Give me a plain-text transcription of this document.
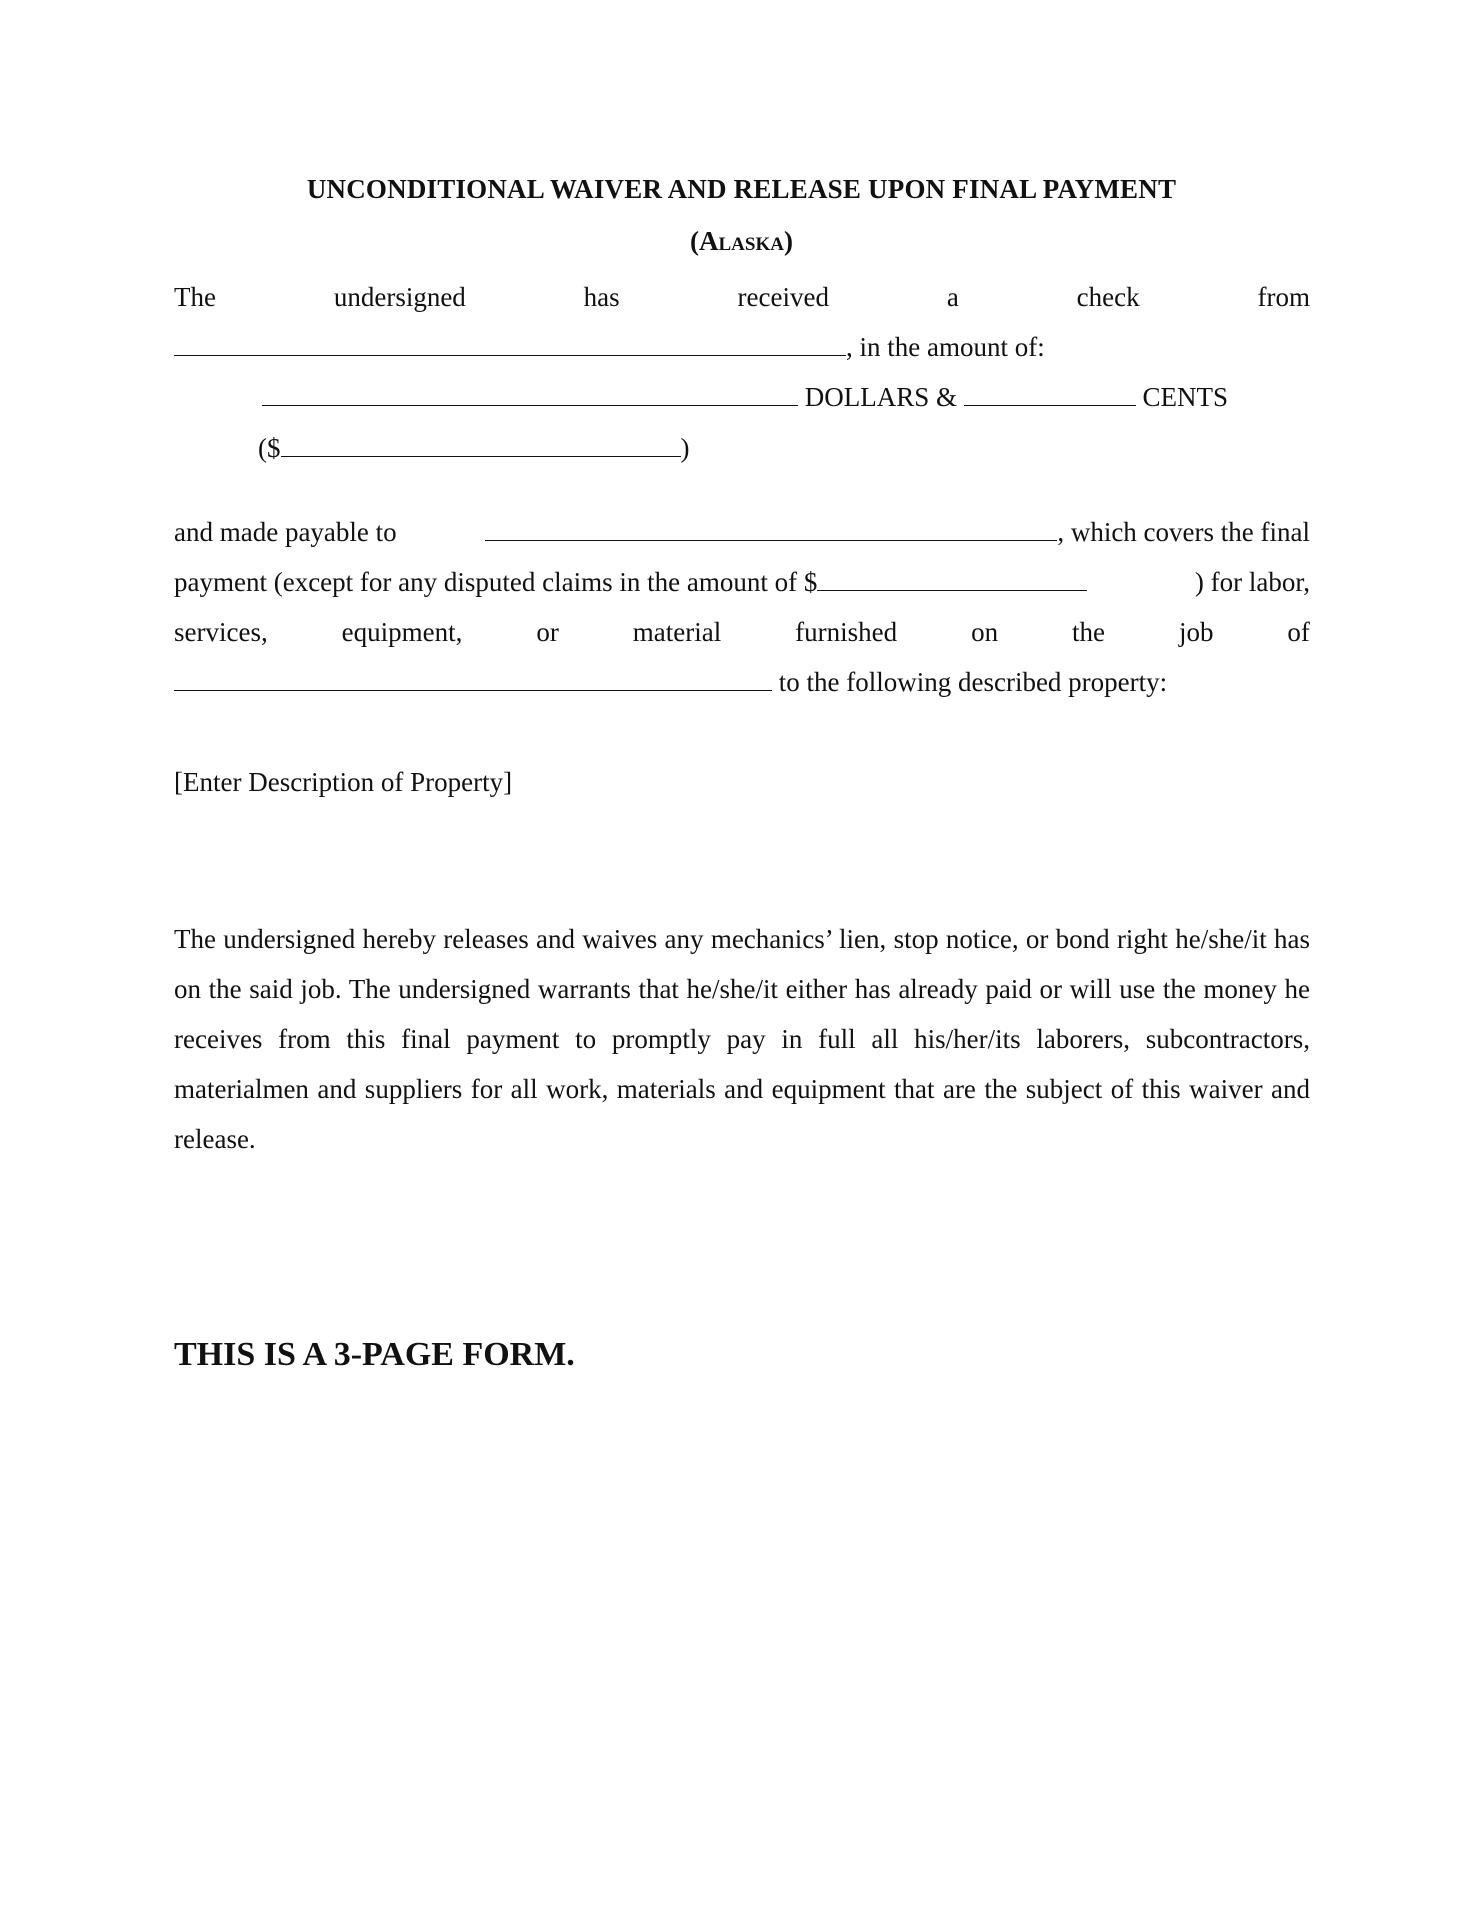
UNCONDITIONAL WAIVER AND RELEASE UPON FINAL PAYMENT
(Alaska)
The	undersigned	has	received	a	check	from
, in the amount of:
DOLLARS &	CENTS
($	)
and made payable to	, which covers the final
payment (except for any disputed claims in the amount of $	) for labor,
services,	equipment,	or	material	furnished	on	the	job	of
to the following described property:
[Enter Description of Property]
The undersigned hereby releases and waives any mechanics’ lien, stop notice, or bond right he/she/it has on the said job. The undersigned warrants that he/she/it either has already paid or will use the money he receives from this final payment to promptly pay in full all his/her/its laborers, subcontractors, materialmen and suppliers for all work, materials and equipment that are the subject of this waiver and release.
THIS IS A 3-PAGE FORM.
